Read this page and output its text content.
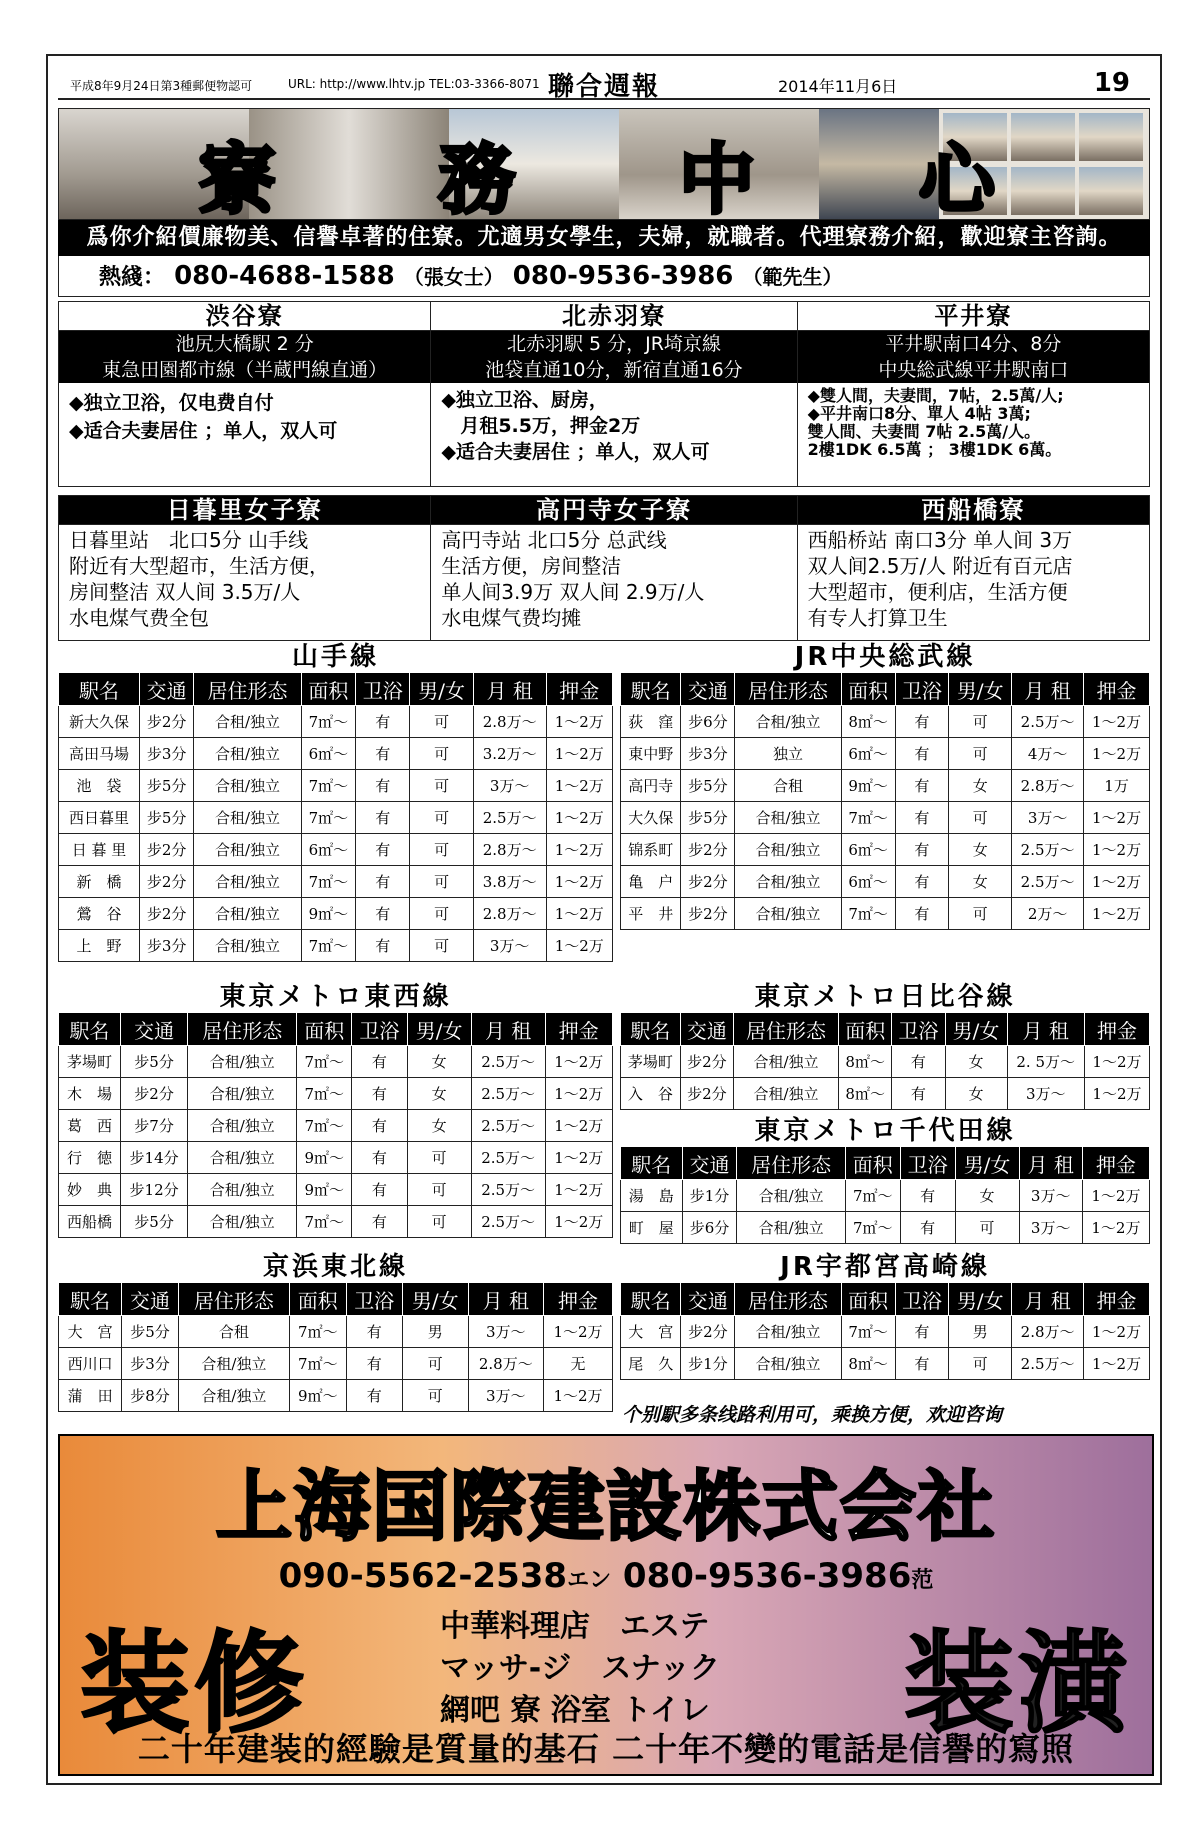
平成8年9月24日第3種郵便物認可	URL: http://www.lhtv.jp TEL:03-3366-8071 聯合週報	2014年11月6日	19
寮 務 中 心
爲你介紹價廉物美、信譽卓著的住寮。尤適男女學生，夫婦，就職者。代理寮務介紹，歡迎寮主咨詢。
熱綫： 080-4688-1588 （張女士） 080-9536-3986 （範先生）
渋谷寮
池尻大橋駅 2 分
東急田園都市線（半蔵門線直通）
◆独立卫浴，仅电费自付
◆适合夫妻居住 ；单人，双人可
北赤羽寮
北赤羽駅 5 分，JR埼京線
池袋直通10分，新宿直通16分
◆独立卫浴、厨房，
　月租5.5万，押金2万
◆适合夫妻居住 ；单人，双人可
平井寮
平井駅南口4分、8分
中央総武線平井駅南口
◆雙人間，夫妻間，7帖，2.5萬/人;
◆平井南口8分、單人 4帖 3萬;
雙人間、夫妻間 7帖 2.5萬/人。
2樓1DK 6.5萬 ； 3樓1DK 6萬。
日暮里女子寮
日暮里站　北口5分 山手线
附近有大型超市，生活方便，
房间整洁 双人间 3.5万/人
水电煤气费全包
高円寺女子寮
高円寺站 北口5分 总武线
生活方便，房间整洁
单人间3.9万 双人间 2.9万/人
水电煤气费均摊
西船橋寮
西船桥站 南口3分 单人间 3万
双人间2.5万/人 附近有百元店
大型超市，便利店，生活方便
有专人打算卫生
山手線
駅名	交通	居住形态	面积	卫浴	男/女	月 租	押金
新大久保	步2分	合租/独立	7㎡～	有	可	2.8万～	1～2万
高田马場	步3分	合租/独立	6㎡～	有	可	3.2万～	1～2万
池　袋	步5分	合租/独立	7㎡～	有	可	3万～	1～2万
西日暮里	步5分	合租/独立	7㎡～	有	可	2.5万～	1～2万
日 暮 里	步2分	合租/独立	6㎡～	有	可	2.8万～	1～2万
新　橋	步2分	合租/独立	7㎡～	有	可	3.8万～	1～2万
鶯　谷	步2分	合租/独立	9㎡～	有	可	2.8万～	1～2万
上　野	步3分	合租/独立	7㎡～	有	可	3万～	1～2万
JR中央総武線
駅名	交通	居住形态	面积	卫浴	男/女	月 租	押金
荻　窪	步6分	合租/独立	8㎡～	有	可	2.5万～	1～2万
東中野	步3分	独立	6㎡～	有	可	4万～	1～2万
高円寺	步5分	合租	9㎡～	有	女	2.8万～	1万
大久保	步5分	合租/独立	7㎡～	有	可	3万～	1～2万
锦系町	步2分	合租/独立	6㎡～	有	女	2.5万～	1～2万
亀　户	步2分	合租/独立	6㎡～	有	女	2.5万～	1～2万
平　井	步2分	合租/独立	7㎡～	有	可	2万～	1～2万
東京メトロ東西線
駅名	交通	居住形态	面积	卫浴	男/女	月 租	押金
茅場町	步5分	合租/独立	7㎡～	有	女	2.5万～	1～2万
木　場	步2分	合租/独立	7㎡～	有	女	2.5万～	1～2万
葛　西	步7分	合租/独立	7㎡～	有	女	2.5万～	1～2万
行　徳	步14分	合租/独立	9㎡～	有	可	2.5万～	1～2万
妙　典	步12分	合租/独立	9㎡～	有	可	2.5万～	1～2万
西船橋	步5分	合租/独立	7㎡～	有	可	2.5万～	1～2万
東京メトロ日比谷線
駅名	交通	居住形态	面积	卫浴	男/女	月 租	押金
茅場町	步2分	合租/独立	8㎡～	有	女	2. 5万～	1～2万
入　谷	步2分	合租/独立	8㎡～	有	女	3万～	1～2万
東京メトロ千代田線
駅名	交通	居住形态	面积	卫浴	男/女	月 租	押金
湯　島	步1分	合租/独立	7㎡～	有	女	3万～	1～2万
町　屋	步6分	合租/独立	7㎡～	有	可	3万～	1～2万
京浜東北線
駅名	交通	居住形态	面积	卫浴	男/女	月 租	押金
大　宫	步5分	合租	7㎡～	有	男	3万～	1～2万
西川口	步3分	合租/独立	7㎡～	有	可	2.8万～	无
蒲　田	步8分	合租/独立	9㎡～	有	可	3万～	1～2万
JR宇都宮高崎線
駅名	交通	居住形态	面积	卫浴	男/女	月 租	押金
大　宫	步2分	合租/独立	7㎡～	有	男	2.8万～	1～2万
尾　久	步1分	合租/独立	8㎡～	有	可	2.5万～	1～2万
个别駅多条线路利用可，乘换方便，欢迎咨询
上海国際建設株式会社
090-5562-2538エン 080-9536-3986范
装修	中華料理店　エステ
マッサ-ジ　スナック
網吧 寮 浴室 トイレ 装潢
二十年建装的經驗是質量的基石 二十年不變的電話是信譽的寫照
